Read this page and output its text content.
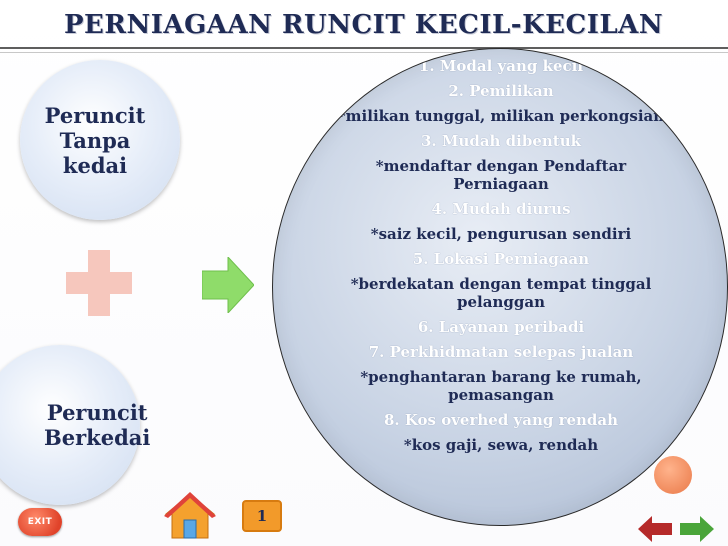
PERNIAGAAN RUNCIT KECIL-KECILAN
Peruncit
Tanpa
kedai
Peruncit
Berkedai
1. Modal yang kecil
2. Pemilikan
*milikan tunggal, milikan perkongsian
3. Mudah dibentuk
*mendaftar dengan Pendaftar Perniagaan
4. Mudah diurus
*saiz kecil, pengurusan sendiri
5. Lokasi Perniagaan
*berdekatan dengan tempat tinggal pelanggan
6. Layanan peribadi
7. Perkhidmatan selepas jualan
*penghantaran barang ke rumah, pemasangan
8. Kos overhed yang rendah
*kos gaji, sewa, rendah
EXIT	1
